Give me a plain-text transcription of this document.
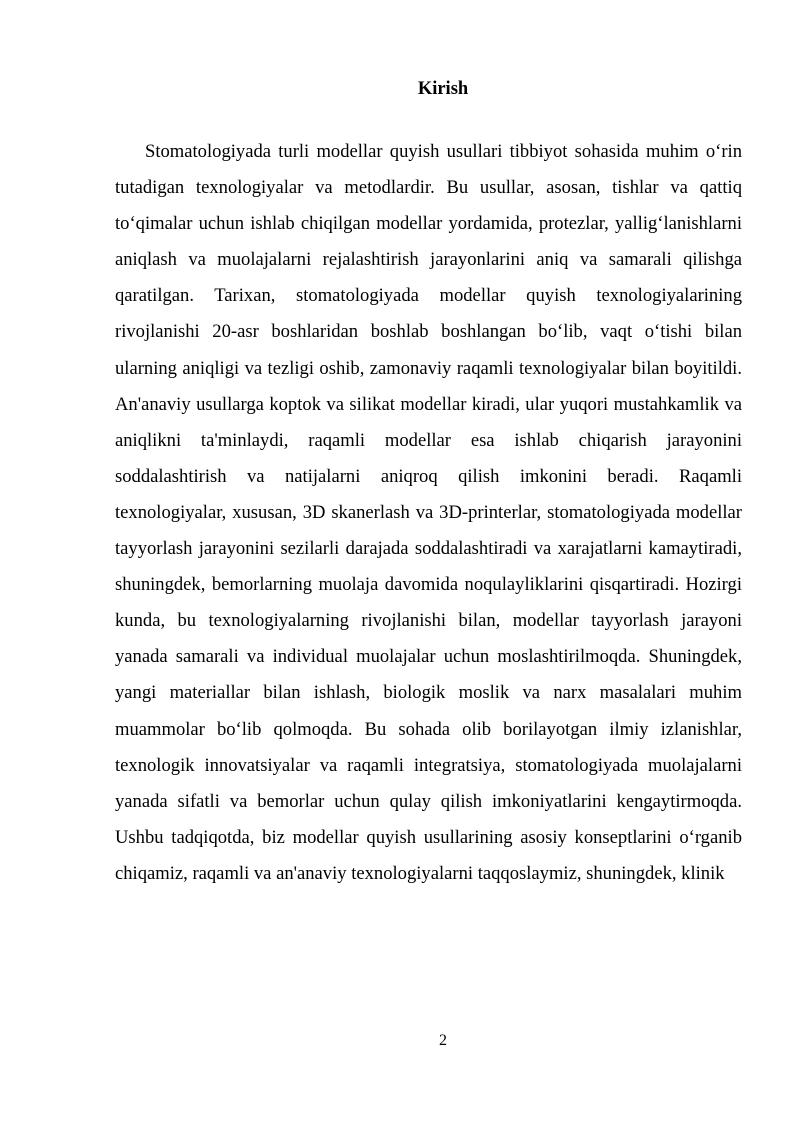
Kirish

Stomatologiyada turli modellar quyish usullari tibbiyot sohasida muhim oʻrin tutadigan texnologiyalar va metodlardir. Bu usullar, asosan, tishlar va qattiq toʻqimalar uchun ishlab chiqilgan modellar yordamida, protezlar, yalligʻlanishlarni aniqlash va muolajalarni rejalashtirish jarayonlarini aniq va samarali qilishga qaratilgan. Tarixan, stomatologiyada modellar quyish texnologiyalarining rivojlanishi 20-asr boshlaridan boshlab boshlangan boʻlib, vaqt oʻtishi bilan ularning aniqligi va tezligi oshib, zamonaviy raqamli texnologiyalar bilan boyitildi. An'anaviy usullarga koptok va silikat modellar kiradi, ular yuqori mustahkamlik va aniqlikni ta'minlaydi, raqamli modellar esa ishlab chiqarish jarayonini soddalashtirish va natijalarni aniqroq qilish imkonini beradi. Raqamli texnologiyalar, xususan, 3D skanerlash va 3D-printerlar, stomatologiyada modellar tayyorlash jarayonini sezilarli darajada soddalashtiradi va xarajatlarni kamaytiradi, shuningdek, bemorlarning muolaja davomida noqulayliklarini qisqartiradi. Hozirgi kunda, bu texnologiyalarning rivojlanishi bilan, modellar tayyorlash jarayoni yanada samarali va individual muolajalar uchun moslashtirilmoqda. Shuningdek, yangi materiallar bilan ishlash, biologik moslik va narx masalalari muhim muammolar boʻlib qolmoqda. Bu sohada olib borilayotgan ilmiy izlanishlar, texnologik innovatsiyalar va raqamli integratsiya, stomatologiyada muolajalarni yanada sifatli va bemorlar uchun qulay qilish imkoniyatlarini kengaytirmoqda. Ushbu tadqiqotda, biz modellar quyish usullarining asosiy konseptlarini oʻrganib chiqamiz, raqamli va an'anaviy texnologiyalarni taqqoslaymiz, shuningdek, klinik

2
